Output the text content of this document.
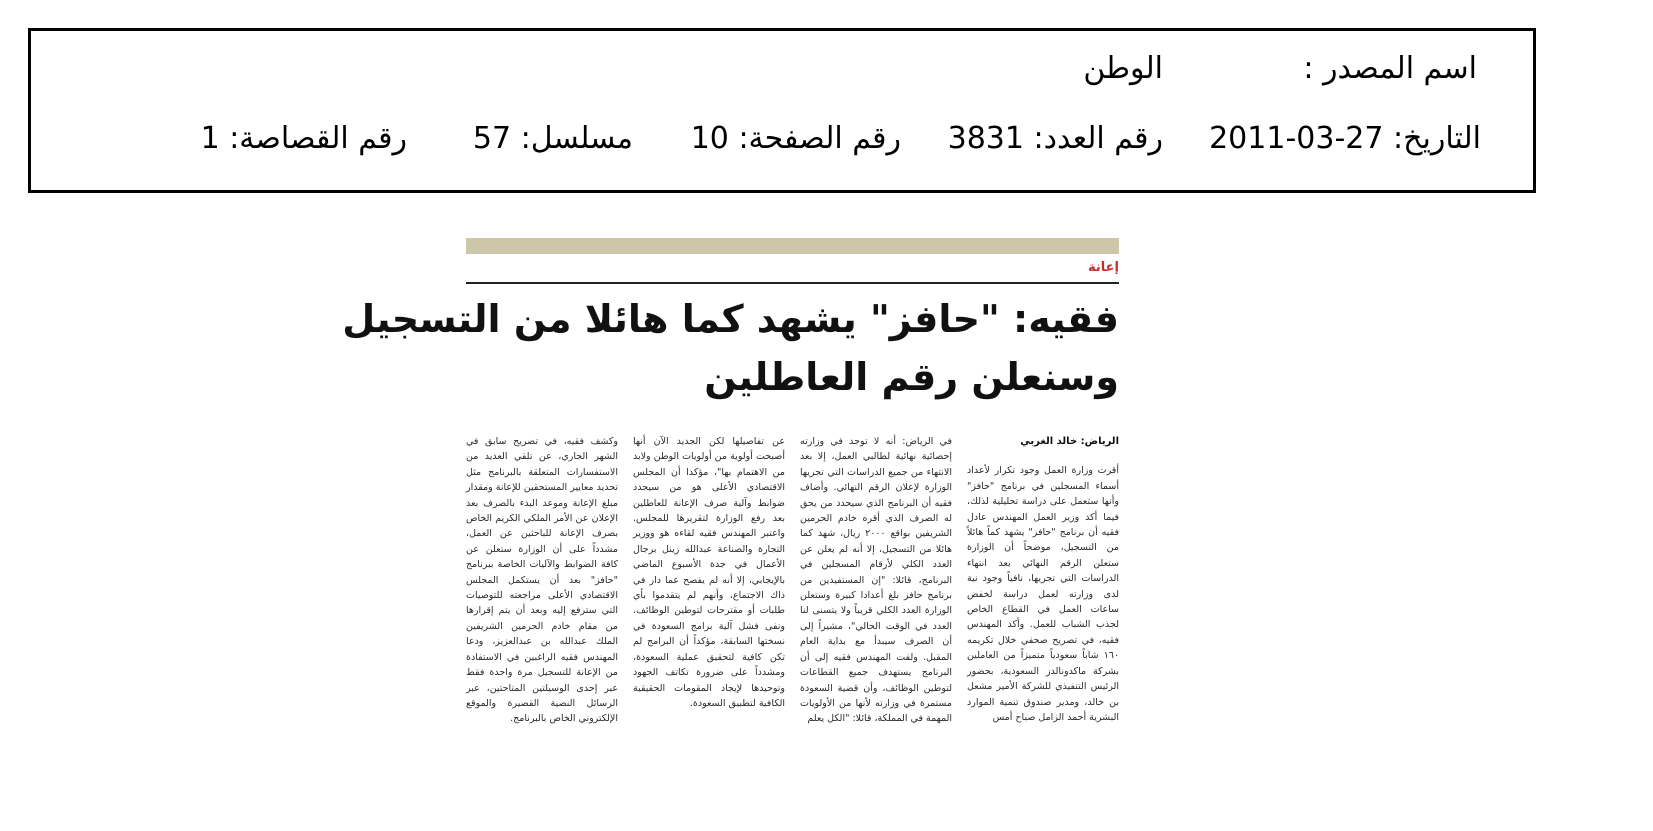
اسم المصدر :
الوطن
التاريخ: 27-03-2011
رقم العدد: 3831
رقم الصفحة: 10
مسلسل: 57
رقم القصاصة: 1
إعانة
فقيه: "حافز" يشهد كما هائلا من التسجيل
وسنعلن رقم العاطلين
الرياض: خالد الغربي
أقرت وزارة العمل وجود تكرار لأعداد أسماء المسجلين في برنامج "حافز" وأنها ستعمل على دراسة تحليلية لذلك، فيما أكد وزير العمل المهندس عادل فقيه أن برنامج "حافز" يشهد كماً هائلاً من التسجيل، موضحاً أن الوزارة ستعلن الرقم النهائي بعد انتهاء الدراسات التي تجريها، نافياً وجود نية لدى وزارته لعمل دراسة لخفض ساعات العمل في القطاع الخاص لجذب الشباب للعمل. وأكد المهندس فقيه، في تصريح صحفي خلال تكريمه ١٦٠ شاباً سعودياً متميزاً من العاملين بشركة ماكدونالدز السعودية، بحضور الرئيس التنفيذي للشركة الأمير مشعل بن خالد، ومدير صندوق تنمية الموارد البشرية أحمد الزامل صباح أمس
في الرياض: أنه لا توجد في وزارته إحصائية نهائية لطالبي العمل، إلا بعد الانتهاء من جميع الدراسات التي تجريها الوزارة لإعلان الرقم النهائي. وأضاف فقيه أن البرنامج الذي سيحدد من يحق له الصرف الذي أقره خادم الحرمين الشريفين بواقع ٢٠٠٠ ريال، شهد كما هائلا من التسجيل، إلا أنه لم يعلن عن العدد الكلي لأرقام المسجلين في البرنامج، قائلا: "إن المستفيدين من برنامج حافز بلغ أعدادا كبيرة وستعلن الوزارة العدد الكلي قريباً ولا يتسنى لنا العدد في الوقت الحالي"، مشيراً إلى أن الصرف سيبدأ مع بداية العام المقبل. ولفت المهندس فقيه إلى أن البرنامج يستهدف جميع القطاعات لتوطين الوظائف، وأن قضية السعودة مستمرة في وزارته لأنها من الأولويات المهمة في المملكة، قائلا: "الكل يعلم
عن تفاصيلها لكن الجديد الآن أنها أصبحت أولوية من أولويات الوطن ولابد من الاهتمام بها"، مؤكدا أن المجلس الاقتصادي الأعلى هو من سيحدد ضوابط وآلية صرف الإعانة للعاطلين بعد رفع الوزارة لتقريرها للمجلس. واعتبر المهندس فقيه لقاءه هو ووزير التجارة والصناعة عبدالله زينل برجال الأعمال في جدة الأسبوع الماضي بالإيجابي، إلا أنه لم يفصح عما دار في ذاك الاجتماع، وأنهم لم يتقدموا بأي طلبات أو مقترحات لتوطين الوظائف. ونفى فشل آلية برامج السعودة في نسختها السابقة، مؤكداً أن البرامج لم تكن كافية لتحقيق عملية السعودة، ومشدداً على ضرورة تكاتف الجهود وتوحيدها لإيجاد المقومات الحقيقية الكافية لتطبيق السعودة.
وكشف فقيه، في تصريح سابق في الشهر الجاري، عن تلقي العديد من الاستفسارات المتعلقة بالبرنامج مثل تحديد معايير المستحقين للإعانة ومقدار مبلغ الإعانة وموعد البدء بالصرف بعد الإعلان عن الأمر الملكي الكريم الخاص بصرف الإعانة للباحثين عن العمل، مشدداً على أن الوزارة ستعلن عن كافة الضوابط والآليات الخاصة ببرنامج "حافز" بعد أن يستكمل المجلس الاقتصادي الأعلى مراجعته للتوصيات التي سترفع إليه وبعد أن يتم إقرارها من مقام خادم الحرمين الشريفين الملك عبدالله بن عبدالعزيز، ودعا المهندس فقيه الراغبين في الاستفادة من الإعانة للتسجيل مرة واحدة فقط عبر إحدى الوسيلتين المتاحتين، عبر الرسائل النصية القصيرة والموقع الإلكتروني الخاص بالبرنامج.
